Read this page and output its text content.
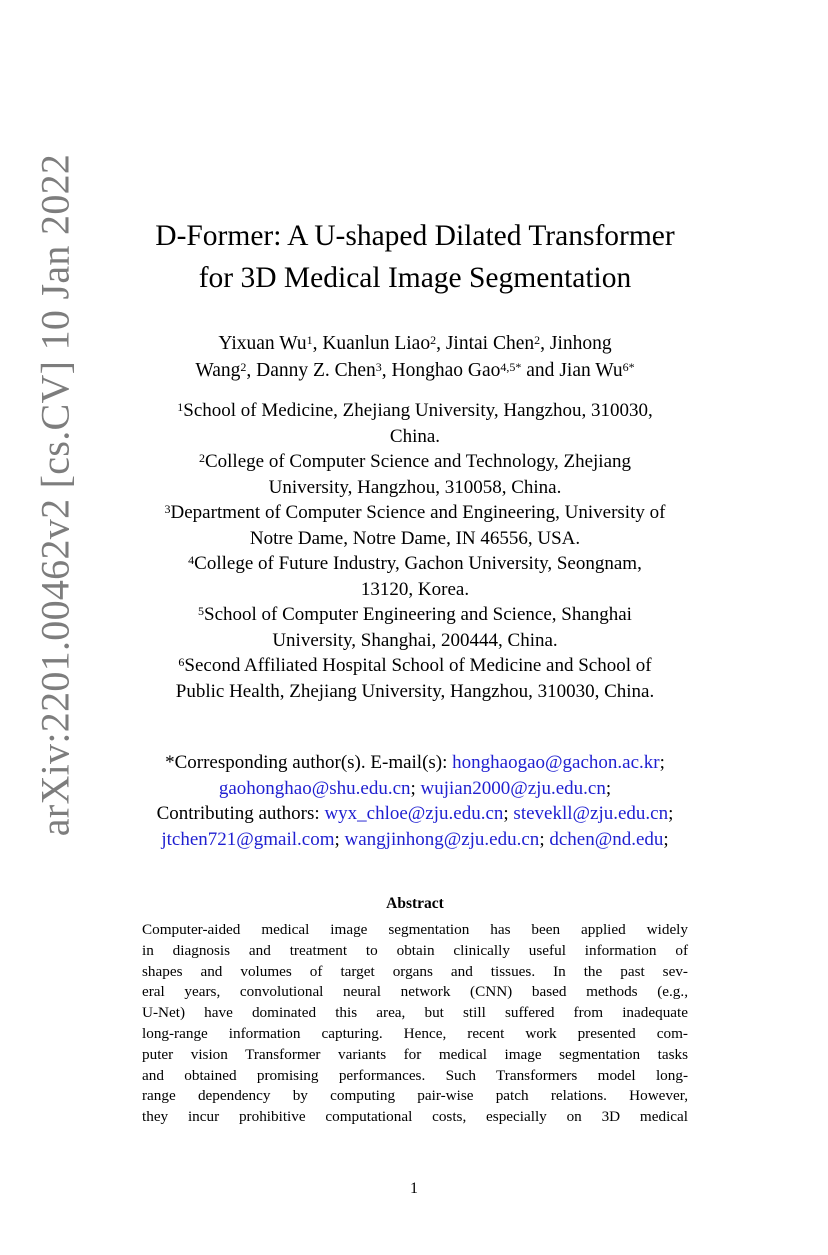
arXiv:2201.00462v2 [cs.CV] 10 Jan 2022	D-Former: A U-shaped Dilated Transformer
for 3D Medical Image Segmentation
Yixuan Wu$^1$, Kuanlun Liao$^2$, Jintai Chen$^2$, Jinhong
Wang$^2$, Danny Z. Chen$^3$, Honghao Gao$^{4,5*}$ and Jian $Wu^{6*}$
$^1$School of Medicine, Zhejiang University, Hangzhou, 310030,
China.
$^2$College of Computer Science and Technology, Zhejiang
University, Hangzhou, 310058, China.
$^3$Department of Computer Science and Engineering, University of
Notre Dame, Notre Dame, IN 46556, USA.
$^4$College of Future Industry, Gachon University, Seongnam,
13120, Korea.
$^5$School of Computer Engineering and Science, Shanghai
University, Shanghai, 200444, China.
$^6$Second Affiliated Hospital School of Medicine and School of
Public Health, Zhejiang University, Hangzhou, 310030, China.
*Corresponding author(s). E-mail(s): honghaogao@gachon.ac.kr;
gaohonghao@shu.edu.cn; wujian2000@zju.edu.cn;
Contributing authors: wyx_chloe@zju.edu.cn; stevekll@zju.edu.cn;
jtchen721@gmail.com; wangjinhong@zju.edu.cn; dchen@nd.edu;
Abstract
Computer-aided medical image segmentation has been applied widely
in diagnosis and treatment to obtain clinically useful information of
shapes and volumes of target organs and tissues. In the past sev-
eral years, convolutional neural network (CNN) based methods (e.g.,
U-Net) have dominated this area, but still suffered from inadequate
long-range information capturing. Hence, recent work presented com-
puter vision Transformer variants for medical image segmentation tasks
and obtained promising performances. Such Transformers model long-
range dependency by computing pair-wise patch relations. However,
they incur prohibitive computational costs, especially on 3D medical
1
